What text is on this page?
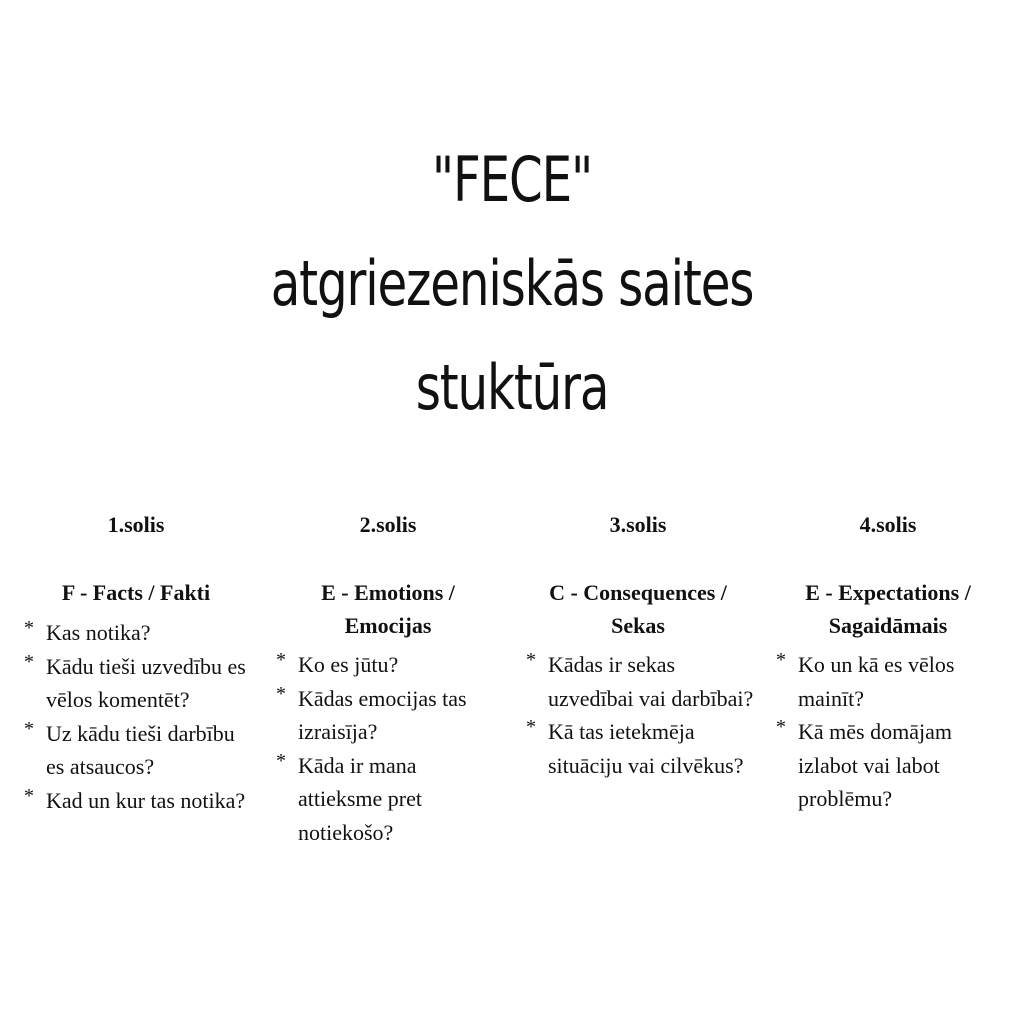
"FECE"
atgriezeniskās saites
stuktūra
1.solis
F - Facts / Fakti
* Kas notika?
* Kādu tieši uzvedību es vēlos komentēt?
* Uz kādu tieši darbību es atsaucos?
* Kad un kur tas notika?
2.solis
E - Emotions / Emocijas
* Ko es jūtu?
* Kādas emocijas tas izraisīja?
* Kāda ir mana attieksme pret notiekošo?
3.solis
C - Consequences / Sekas
* Kādas ir sekas uzvedībai vai darbībai?
* Kā tas ietekmēja situāciju vai cilvēkus?
4.solis
E - Expectations / Sagaidāmais
* Ko un kā es vēlos mainīt?
* Kā mēs domājam izlabot vai labot problēmu?
